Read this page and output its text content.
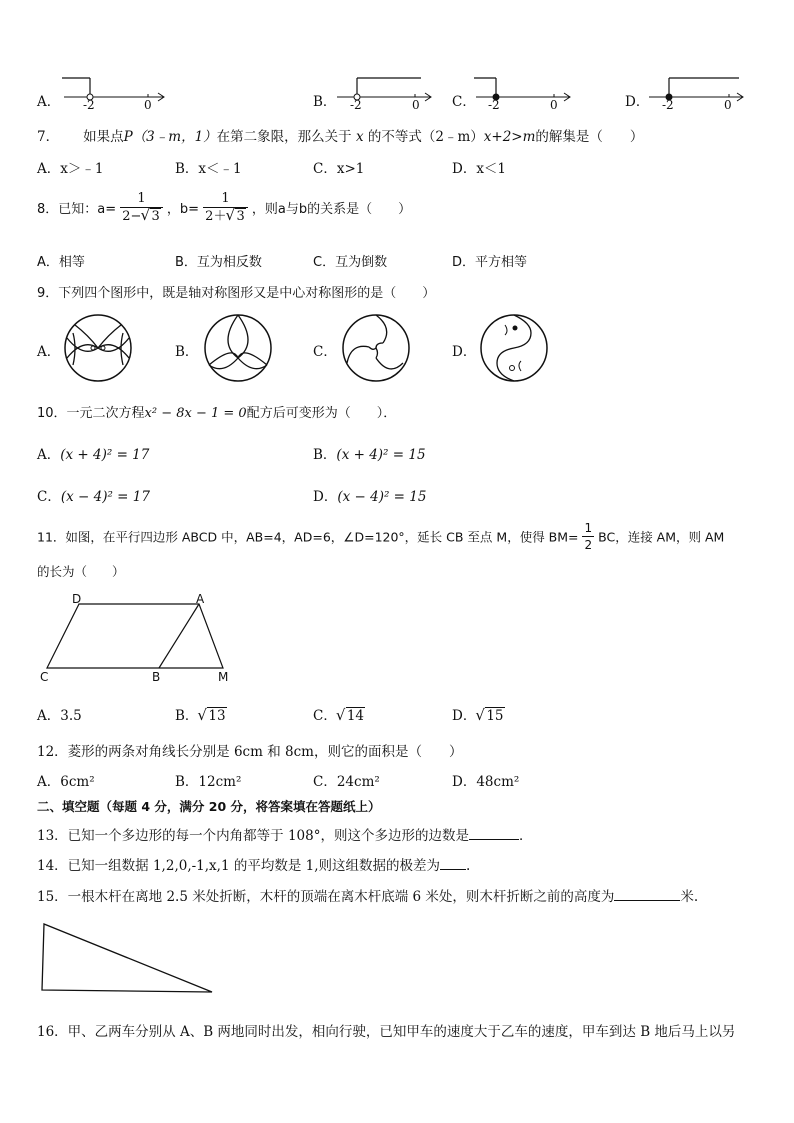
A． -2	0	B． -2	0 C． -2	0	D． -2	0
7． 如果点P（3﹣m，1）在第二象限，那么关于 x 的不等式（2﹣m）x+2>m的解集是（　　）
A．x＞﹣1	B．x＜﹣1	C．x>1	D．x＜1
8．已知：$a= \frac{1}{2- √ 3}$ ，$b= \frac{1}{2+ √ 3}$ ，则a与b的关系是（　　）
A．相等	B．互为相反数	C．互为倒数	D．平方相等
9．下列四个图形中，既是轴对称图形又是中心对称图形的是（　　）
A．	B．	C．	D．
10．一元二次方程x² − 8x − 1 = 0配方后可变形为（　　）．
A．(x + 4)² = 17	B．(x + 4)² = 15
C．(x − 4)² = 17	D．(x − 4)² = 15
11．如图，在平行四边形 ABCD 中，AB=4，AD=6，∠D=120°，延长 CB 至点 M，使得 $BM= \frac{1}{2}$ BC，连接 AM，则 AM
的长为（　　）
D	A
C	B	M
A．3.5	B． √ 13	C． √ 14	D． √ 15
12．菱形的两条对角线长分别是 6cm 和 8cm，则它的面积是（　　）
A．6cm²	B．12cm²	C．24cm²	D．48cm²
二、填空题（每题 4 分，满分 20 分，将答案填在答题纸上）
13．已知一个多边形的每一个内角都等于 108°，则这个多边形的边数是	．
14．已知一组数据 1,2,0,-1,x,1 的平均数是 1,则这组数据的极差为 .
15．一根木杆在离地 2.5 米处折断，木杆的顶端在离木杆底端 6 米处，则木杆折断之前的高度为	米.
16．甲、乙两车分别从 A、B 两地同时出发，相向行驶，已知甲车的速度大于乙车的速度，甲车到达 B 地后马上以另
